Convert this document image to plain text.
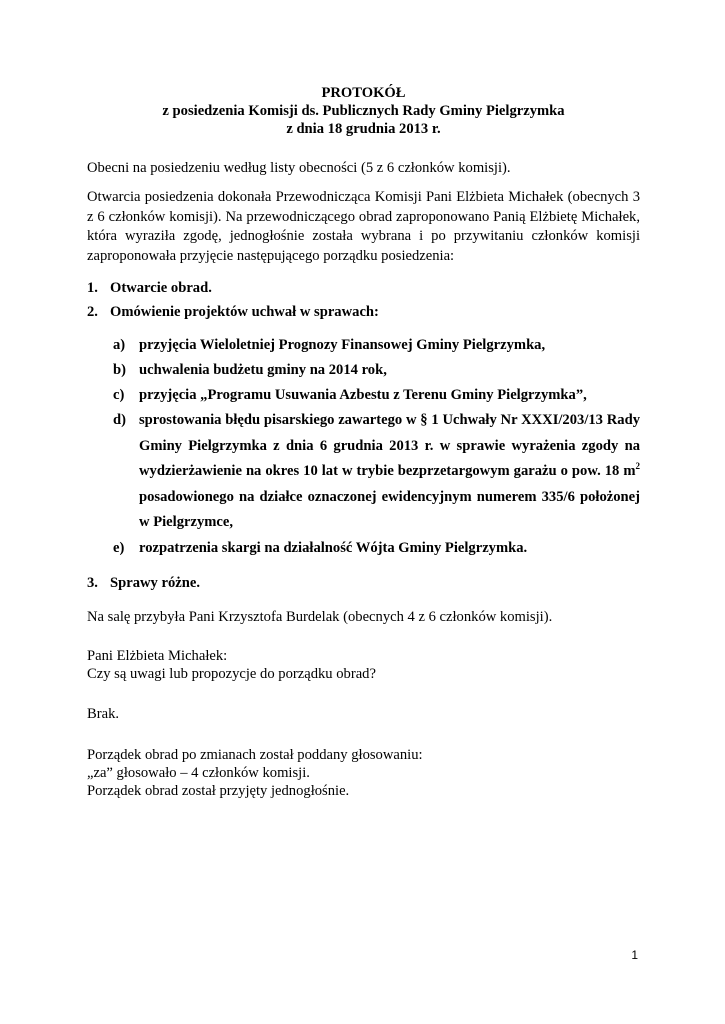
PROTOKÓŁ
z posiedzenia Komisji ds. Publicznych Rady Gminy Pielgrzymka
z dnia 18 grudnia 2013 r.
Obecni na posiedzeniu według listy obecności (5 z 6 członków komisji).
Otwarcia posiedzenia dokonała Przewodnicząca Komisji Pani Elżbieta Michałek (obecnych 3 z 6 członków komisji). Na przewodniczącego obrad zaproponowano Panią Elżbietę Michałek, która wyraziła zgodę, jednogłośnie została wybrana i po przywitaniu członków komisji zaproponowała przyjęcie następującego porządku posiedzenia:
1. Otwarcie obrad.
2. Omówienie projektów uchwał w sprawach:
a) przyjęcia Wieloletniej Prognozy Finansowej Gminy Pielgrzymka,
b) uchwalenia budżetu gminy na 2014 rok,
c) przyjęcia „Programu Usuwania Azbestu z Terenu Gminy Pielgrzymka”,
d) sprostowania błędu pisarskiego zawartego w § 1 Uchwały Nr XXXI/203/13 Rady Gminy Pielgrzymka z dnia 6 grudnia 2013 r. w sprawie wyrażenia zgody na wydzierżawienie na okres 10 lat w trybie bezprzetargowym garażu o pow. 18 $m^2$ posadowionego na działce oznaczonej ewidencyjnym numerem 335/6 położonej w Pielgrzymce,
e) rozpatrzenia skargi na działalność Wójta Gminy Pielgrzymka.
3. Sprawy różne.
Na salę przybyła Pani Krzysztofa Burdelak (obecnych 4 z 6 członków komisji).
Pani Elżbieta Michałek:
Czy są uwagi lub propozycje do porządku obrad?
Brak.
Porządek obrad po zmianach został poddany głosowaniu:
„za” głosowało – 4 członków komisji.
Porządek obrad został przyjęty jednogłośnie.
1
